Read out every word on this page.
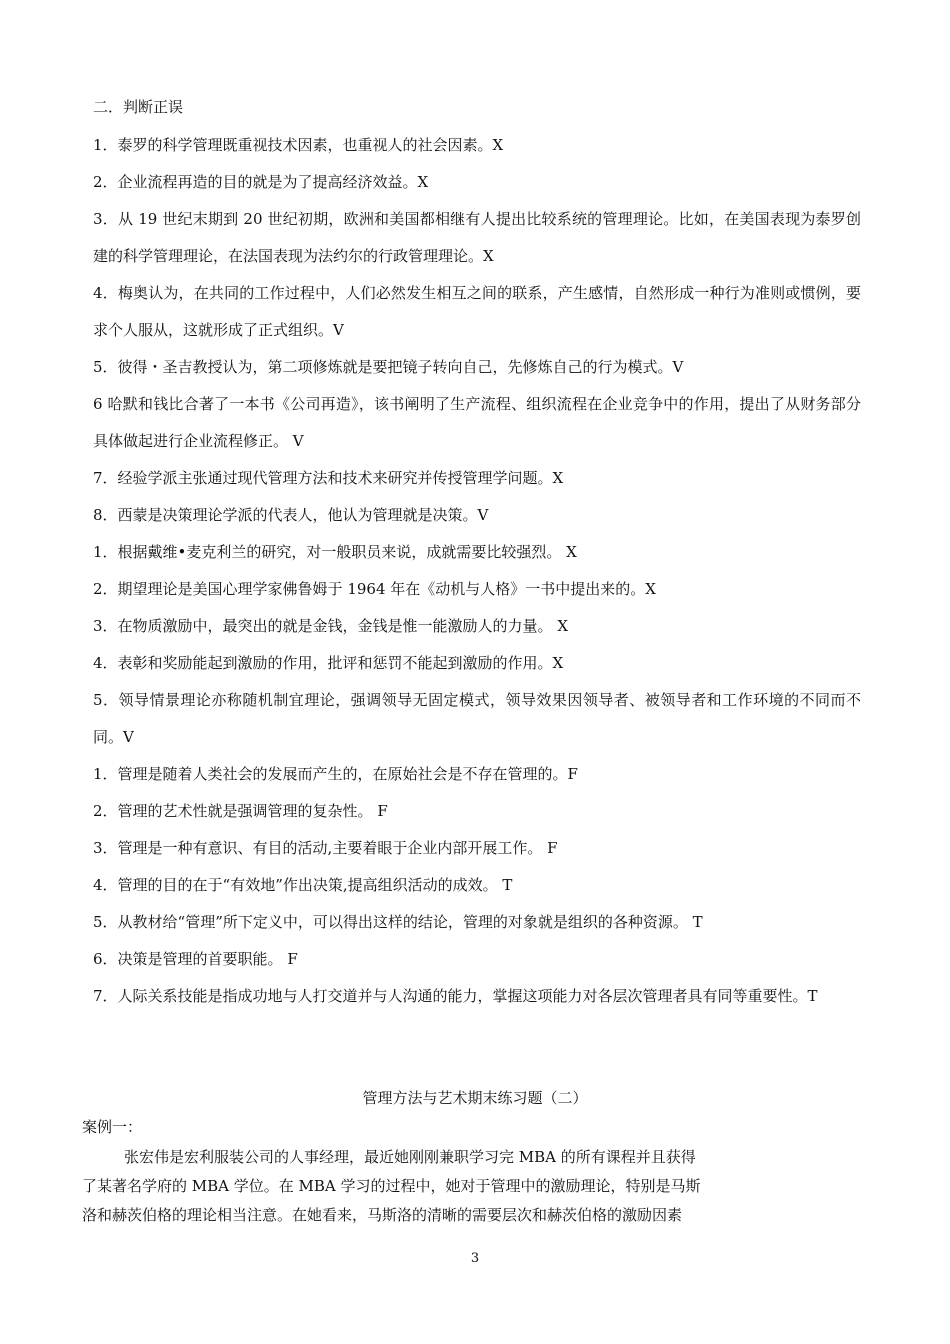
二．判断正误

1．泰罗的科学管理既重视技术因素，也重视人的社会因素。X

2．企业流程再造的目的就是为了提高经济效益。X

3．从 19 世纪末期到 20 世纪初期，欧洲和美国都相继有人提出比较系统的管理理论。比如，在美国表现为泰罗创建的科学管理理论，在法国表现为法约尔的行政管理理论。X

4．梅奥认为，在共同的工作过程中，人们必然发生相互之间的联系，产生感情，自然形成一种行为准则或惯例，要求个人服从，这就形成了正式组织。V

5．彼得・圣吉教授认为，第二项修炼就是要把镜子转向自己，先修炼自己的行为模式。V

6 哈默和钱比合著了一本书《公司再造》，该书阐明了生产流程、组织流程在企业竞争中的作用，提出了从财务部分具体做起进行企业流程修正。 V

7．经验学派主张通过现代管理方法和技术来研究并传授管理学问题。X

8．西蒙是决策理论学派的代表人，他认为管理就是决策。V

1．根据戴维•麦克利兰的研究，对一般职员来说，成就需要比较强烈。 X

2．期望理论是美国心理学家佛鲁姆于 1964 年在《动机与人格》一书中提出来的。X

3．在物质激励中，最突出的就是金钱，金钱是惟一能激励人的力量。 X

4．表彰和奖励能起到激励的作用，批评和惩罚不能起到激励的作用。X

5．领导情景理论亦称随机制宜理论，强调领导无固定模式，领导效果因领导者、被领导者和工作环境的不同而不同。V

1．管理是随着人类社会的发展而产生的，在原始社会是不存在管理的。F

2．管理的艺术性就是强调管理的复杂性。 F

3．管理是一种有意识、有目的活动,主要着眼于企业内部开展工作。 F

4．管理的目的在于“有效地”作出决策,提高组织活动的成效。 T

5．从教材给“管理”所下定义中，可以得出这样的结论，管理的对象就是组织的各种资源。 T

6．决策是管理的首要职能。 F

7．人际关系技能是指成功地与人打交道并与人沟通的能力，掌握这项能力对各层次管理者具有同等重要性。T

管理方法与艺术期末练习题（二）
案例一：

张宏伟是宏利服装公司的人事经理，最近她刚刚兼职学习完 MBA 的所有课程并且获得

了某著名学府的 MBA 学位。在 MBA 学习的过程中，她对于管理中的激励理论，特别是马斯

洛和赫茨伯格的理论相当注意。在她看来，马斯洛的清晰的需要层次和赫茨伯格的激励因素

3
